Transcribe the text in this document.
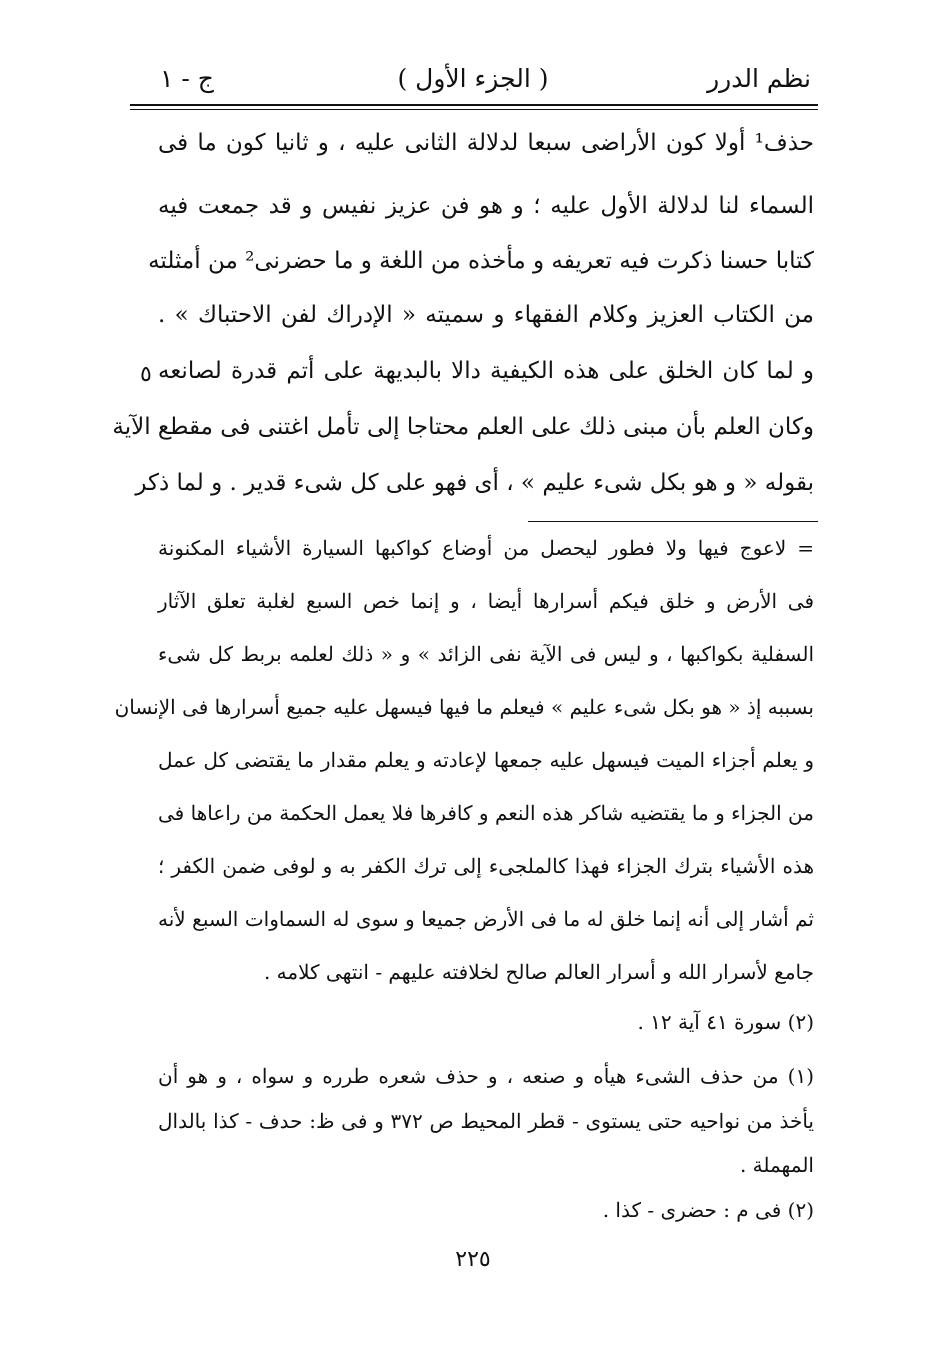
نظم الدرر
( الجزء الأول )
ج - ١
حذف¹ أولا كون الأراضى سبعا لدلالة الثانى عليه ، و ثانيا كون ما فى
السماء لنا لدلالة الأول عليه ؛ و هو فن عزيز نفيس و قد جمعت فيه
كتابا حسنا ذكرت فيه تعريفه و مأخذه من اللغة و ما حضرنى² من أمثلته
من الكتاب العزيز وكلام الفقهاء و سميته « الإدراك لفن الاحتباك » .
و لما كان الخلق على هذه الكيفية دالا بالبديهة على أتم قدرة لصانعه
وكان العلم بأن مبنى ذلك على العلم محتاجا إلى تأمل اغتنى فى مقطع الآية
بقوله « و هو بكل شىء عليم » ، أى فهو على كل شىء قدير . و لما ذكر
٥
= لاعوج فيها ولا فطور ليحصل من أوضاع كواكبها السيارة الأشياء المكنونة
فى الأرض و خلق فيكم أسرارها أيضا ، و إنما خص السبع لغلبة تعلق الآثار
السفلية بكواكبها ، و ليس فى الآية نفى الزائد » و « ذلك لعلمه بربط كل شىء
بسببه إذ « هو بكل شىء عليم » فيعلم ما فيها فيسهل عليه جميع أسرارها فى الإنسان
و يعلم أجزاء الميت فيسهل عليه جمعها لإعادته و يعلم مقدار ما يقتضى كل عمل
من الجزاء و ما يقتضيه شاكر هذه النعم و كافرها فلا يعمل الحكمة من راعاها فى
هذه الأشياء بترك الجزاء فهذا كالملجىء إلى ترك الكفر به و لوفى ضمن الكفر ؛
ثم أشار إلى أنه إنما خلق له ما فى الأرض جميعا و سوى له السماوات السبع لأنه
جامع لأسرار الله و أسرار العالم صالح لخلافته عليهم - انتهى كلامه .
(٢) سورة ٤١ آية ١٢ .
(١) من حذف الشىء هيأه و صنعه ، و حذف شعره طرره و سواه ، و هو أن
يأخذ من نواحيه حتى يستوى - قطر المحيط ص ٣٧٢ و فى ظ: حدف - كذا بالدال
المهملة .
(٢) فى م : حضرى - كذا .
٢٢٥
